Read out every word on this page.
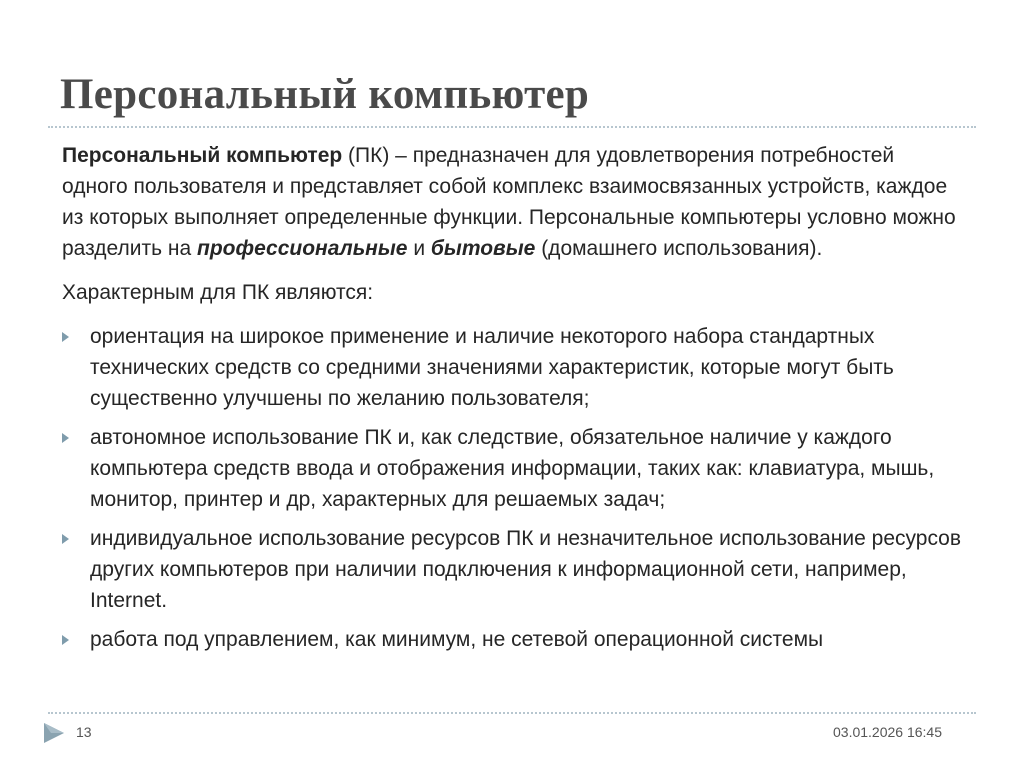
Персональный компьютер

Персональный компьютер (ПК) – предназначен для удовлетворения потребностей одного пользователя и представляет собой комплекс взаимосвязанных устройств, каждое из которых выполняет определенные функции. Персональные компьютеры условно можно разделить на профессиональные и бытовые (домашнего использования).

Характерным для ПК являются:

ориентация на широкое применение и наличие некоторого набора стандартных технических средств со средними значениями характеристик, которые могут быть существенно улучшены по желанию пользователя;
автономное использование ПК и, как следствие, обязательное наличие у каждого компьютера средств ввода и отображения информации, таких как: клавиатура, мышь, монитор, принтер и др, характерных для решаемых задач;
индивидуальное использование ресурсов ПК и незначительное использование ресурсов других компьютеров при наличии подключения к информационной сети, например, Internet.
работа под управлением, как минимум, не сетевой операционной системы
13	03.01.2026 16:45
